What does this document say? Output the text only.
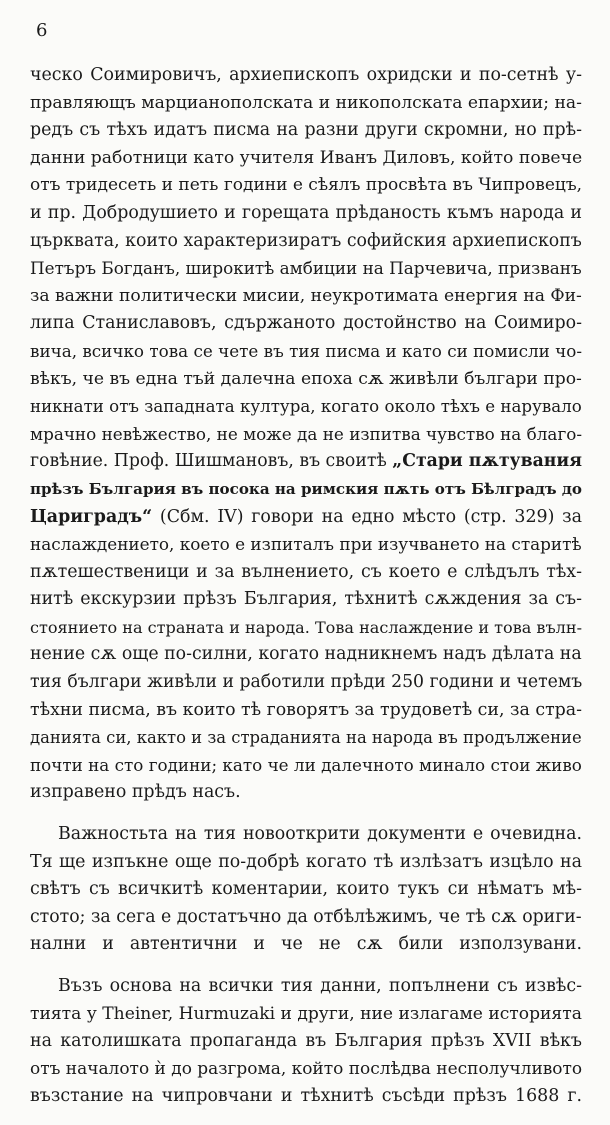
6
ческо Соимировичъ, архиепископъ охридски и по-сетнѣ у-
правляющъ марцианополската и никополската епархии; на-
редъ съ тѣхъ идатъ писма на разни други скромни, но прѣ-
данни работници като учителя Иванъ Диловъ, който повече
отъ тридесеть и петь години е сѣялъ просвѣта въ Чипровецъ,
и пр. Добродушието и горещата прѣданость къмъ народа и
църквата, които характеризиратъ софийския архиепископъ
Петъръ Богданъ, широкитѣ амбиции на Парчевича, призванъ
за важни политически мисии, неукротимата енергия на Фи-
липа Станиславовъ, сдържаното достойнство на Соимиро-
вича, всичко това се чете въ тия писма и като си помисли чо-
вѣкъ, че въ една тъй далечна епоха сѫ живѣли българи про-
никнати отъ западната култура, когато около тѣхъ е нарувало
мрачно невѣжество, не може да не изпитва чувство на благо-
говѣние. Проф. Шишмановъ, въ своитѣ „Стари пѫтувания
прѣзъ България въ посока на римския пѫть отъ Бѣлградъ до
Цариградъ“ (Сбм. IV) говори на едно мѣсто (стр. 329) за
наслаждението, което е изпиталъ при изучването на старитѣ
пѫтешественици и за вълнението, съ което е слѣдълъ тѣх-
нитѣ екскурзии прѣзъ България, тѣхнитѣ сѫждения за съ-
стоянието на страната и народа. Това наслаждение и това вълн-
нение сѫ още по-силни, когато надникнемъ надъ дѣлата на
тия българи живѣли и работили прѣди 250 години и четемъ
тѣхни писма, въ които тѣ говорятъ за трудоветѣ си, за стра-
данията си, както и за страданията на народа въ продължение
почти на сто години; като че ли далечното минало стои живо
изправено прѣдъ насъ.
Важностьта на тия новооткрити документи е очевидна.
Тя ще изпъкне още по-добрѣ когато тѣ излѣзатъ изцѣло на
свѣтъ съ всичкитѣ коментарии, които тукъ си нѣматъ мѣ-
стото; за сега е достатъчно да отбѣлѣжимъ, че тѣ сѫ ориги-
нални и автентични и че не сѫ били използувани.
Възъ основа на всички тия данни, попълнени съ извѣс-
тията у Theiner, Hurmuzaki и други, ние излагаме историята
на католишката пропаганда въ България прѣзъ XVII вѣкъ
отъ началото ѝ до разгрома, който послѣдва несполучливото
възстание на чипровчани и тѣхнитѣ съсѣди прѣзъ 1688 г.
